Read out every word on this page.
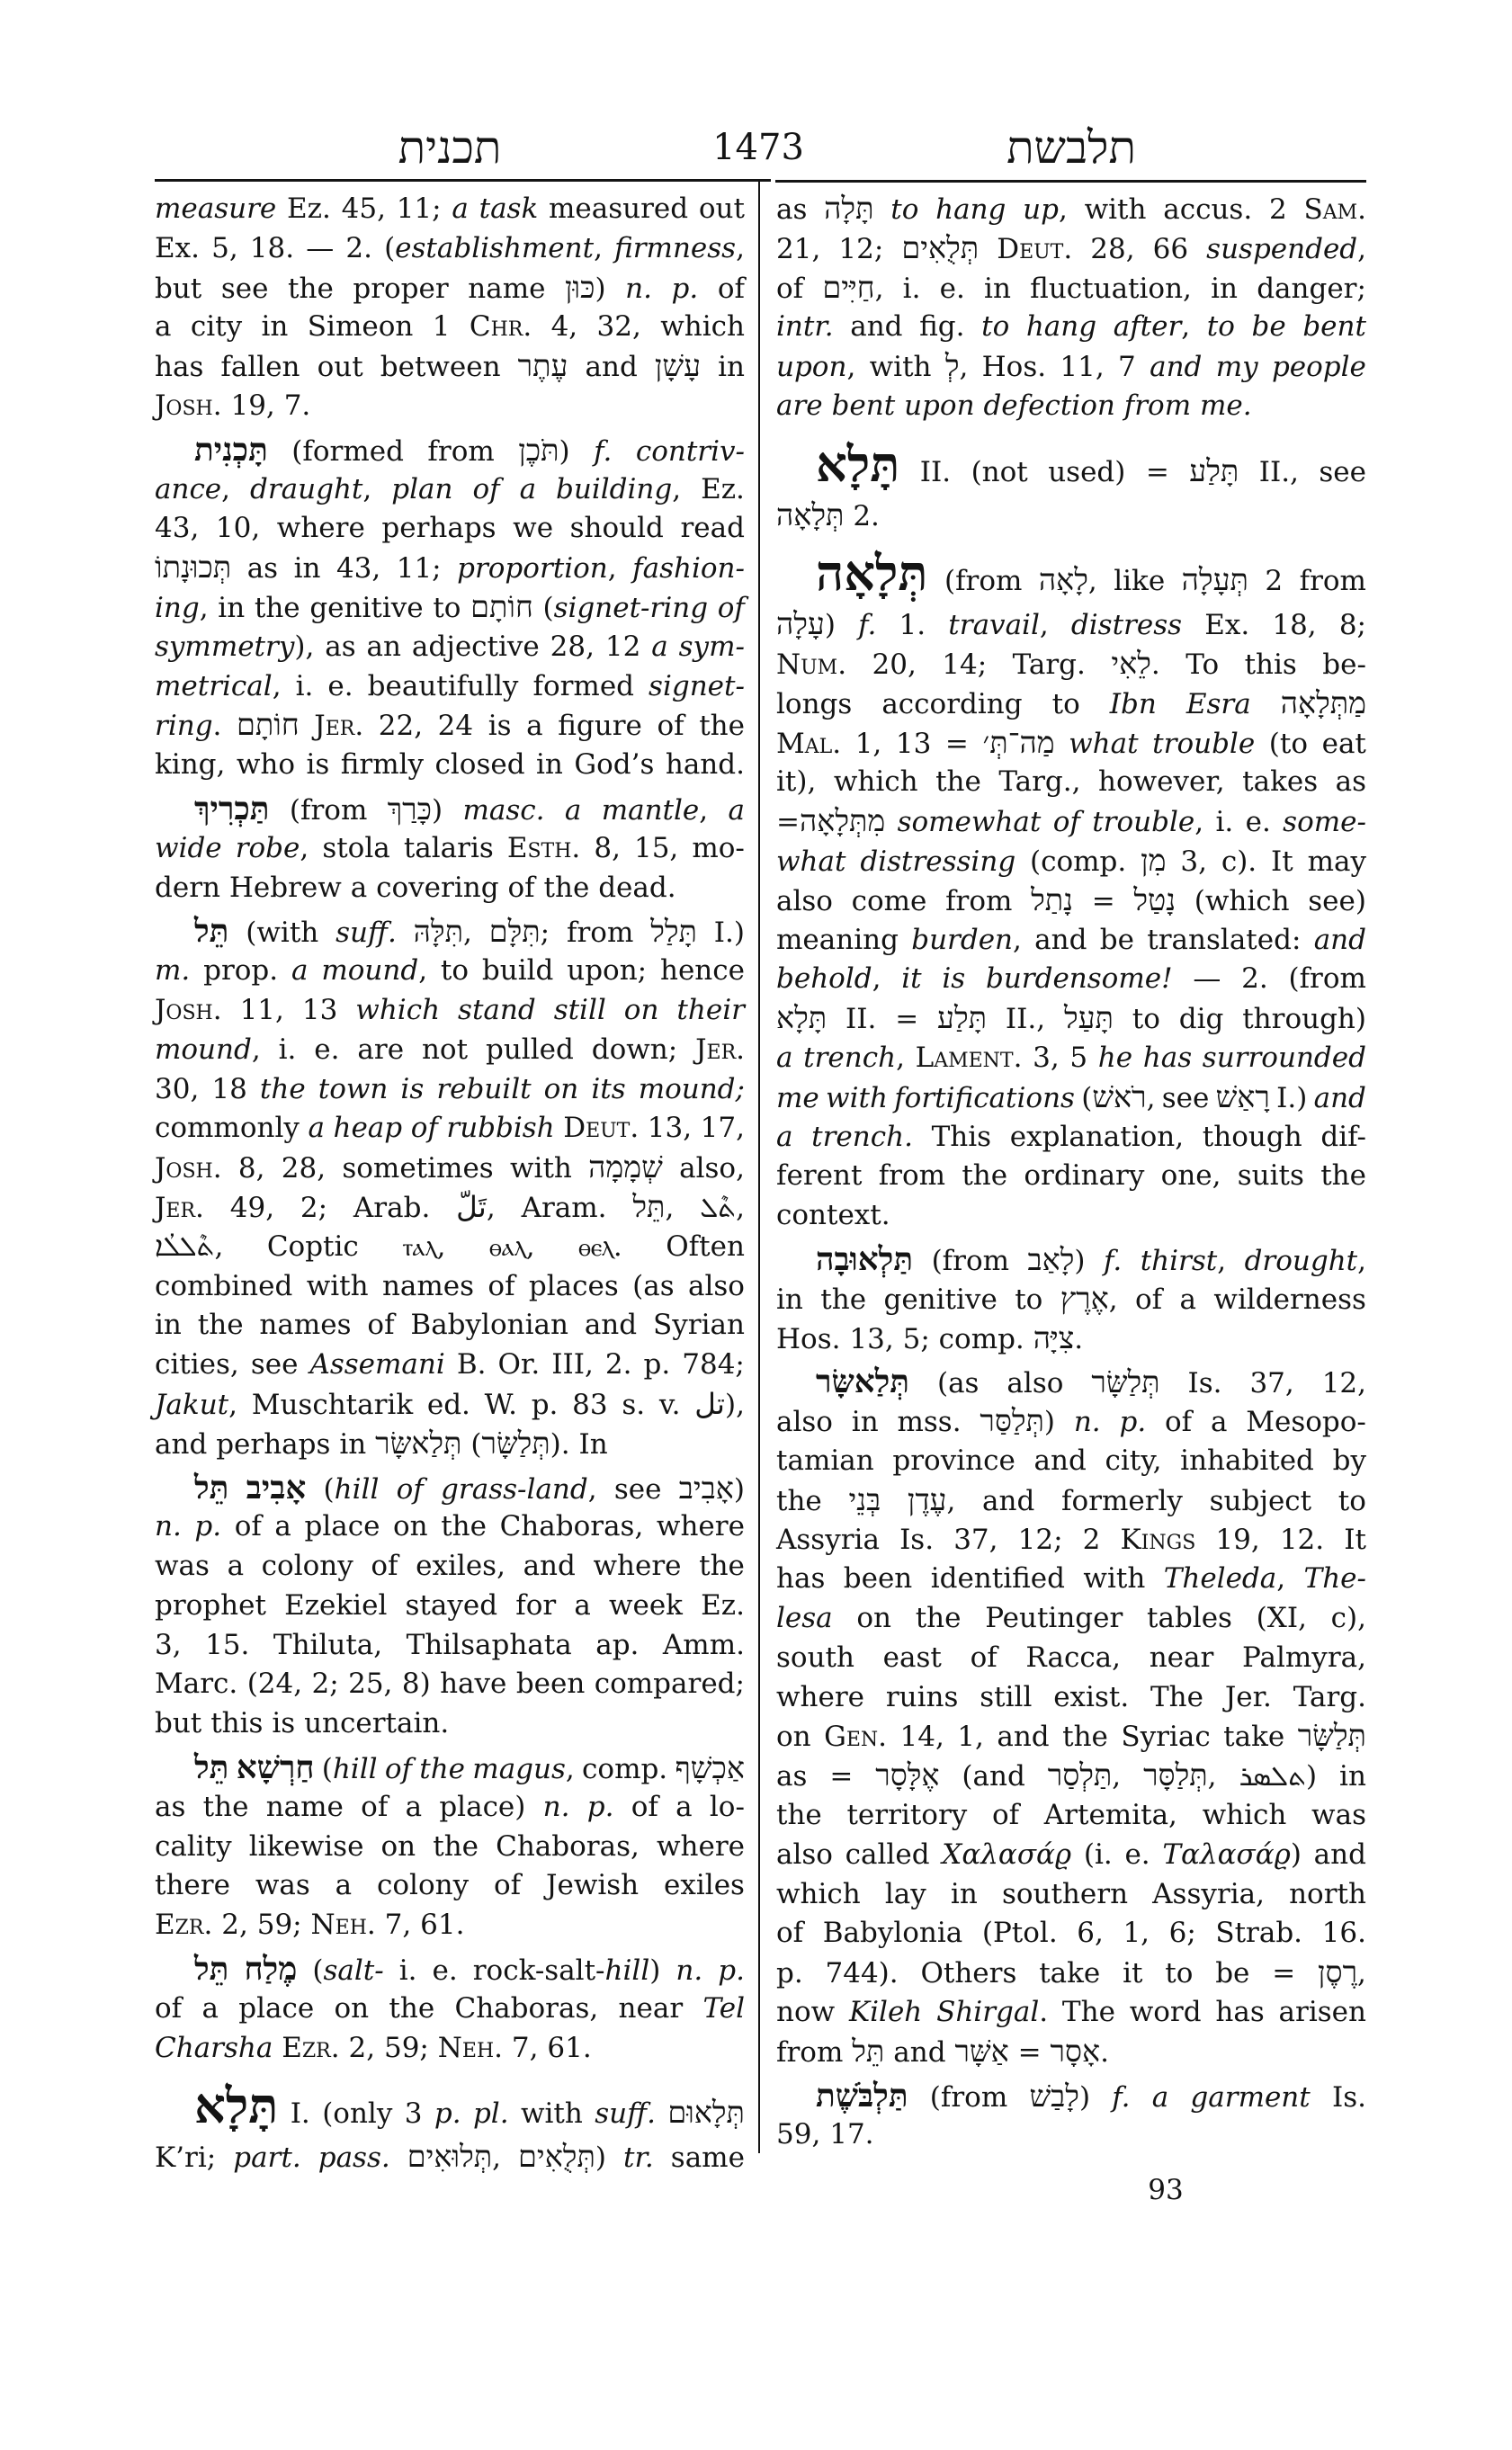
תכנית	1473	תלבשת
measure Ez. 45, 11; a task measured out
Ex. 5, 18. — 2. (establishment, firmness,
but see the proper name כּוּן) n. p. of
a city in Simeon 1 Chr. 4, 32, which
has fallen out between עֶתֶר and עָשָׁן in
Josh. 19, 7.
תָּכְנִית (formed from תֹּכֶן) f. contriv-
ance, draught, plan of a building, Ez.
43, 10, where perhaps we should read
תְּכוּנָתוֹ as in 43, 11; proportion, fashion-
ing, in the genitive to חוֹתָם (signet-ring of
symmetry), as an adjective 28, 12 a sym-
metrical, i. e. beautifully formed signet-
ring. חוֹתָם Jer. 22, 24 is a figure of the
king, who is firmly closed in God’s hand.
תַּכְרִיךְ (from כָּרַךְ) masc. a mantle, a
wide robe, stola talaris Esth. 8, 15, mo-
dern Hebrew a covering of the dead.
תֵּל (with suff. תִּלָּהּ, תִּלָּם; from תָּלַל I.)
m. prop. a mound, to build upon; hence
Josh. 11, 13 which stand still on their
mound, i. e. are not pulled down; Jer.
30, 18 the town is rebuilt on its mound;
commonly a heap of rubbish Deut. 13, 17,
Josh. 8, 28, sometimes with שְׁמָמָה also,
Jer. 49, 2; Arab. تَلّ, Aram. תֵּל, ܬܶܠ,
ܬܶܠܠܳܐ, Coptic ⲧⲁⲗ, ⲑⲁⲗ, ⲑⲉⲗ. Often
combined with names of places (as also
in the names of Babylonian and Syrian
cities, see Assemani B. Or. III, 2. p. 784;
Jakut, Muschtarik ed. W. p. 83 s. v. تل),
and perhaps in תְּלַאשָּׂר (תְּלַשָּׂר). In
תֵּל אָבִיב (hill of grass-land, see אָבִיב)
n. p. of a place on the Chaboras, where
was a colony of exiles, and where the
prophet Ezekiel stayed for a week Ez.
3, 15. Thiluta, Thilsaphata ap. Amm.
Marc. (24, 2; 25, 8) have been compared;
but this is uncertain.
תֵּל חַרְשָׁא (hill of the magus, comp. אַכְשָׁף
as the name of a place) n. p. of a lo-
cality likewise on the Chaboras, where
there was a colony of Jewish exiles
Ezr. 2, 59; Neh. 7, 61.
תֵּל מֶלַח (salt- i. e. rock-salt-hill) n. p.
of a place on the Chaboras, near Tel
Charsha Ezr. 2, 59; Neh. 7, 61.
תָּלָא I. (only 3 p. pl. with suff. תְּלָאוּם
K’ri; part. pass. תְּלוּאִים, תְּלֻאִים) tr. same
as תָּלָה to hang up, with accus. 2 Sam.
21, 12; תְּלֻאִים Deut. 28, 66 suspended,
of חַיִּים, i. e. in fluctuation, in danger;
intr. and fig. to hang after, to be bent
upon, with לְ, Hos. 11, 7 and my people
are bent upon defection from me.
תָּלָא II. (not used) = תָּלַע II., see
תְּלָאָה 2.
תְּלָאָה (from לָאָה, like תְּעָלָה 2 from
עָלָה) f. 1. travail, distress Ex. 18, 8;
Num. 20, 14; Targ. לֵאִי. To this be-
longs according to Ibn Esra מַתְּלָאָה
Mal. 1, 13 = מַה־תְּ׳ what trouble (to eat
it), which the Targ., however, takes as
=מִתְּלָאָה somewhat of trouble, i. e. some-
what distressing (comp. מִן 3, c). It may
also come from נָתַל = נָטַל (which see)
meaning burden, and be translated: and
behold, it is burdensome! — 2. (from
תָּלָא II. = תָּלַע II., תָּעַל to dig through)
a trench, Lament. 3, 5 he has surrounded
me with fortifications (רֹאשׁ, see רָאַשׁ I.) and
a trench. This explanation, though dif-
ferent from the ordinary one, suits the
context.
תַּלְאוּבָה (from לָאַב) f. thirst, drought,
in the genitive to אֶרֶץ, of a wilderness
Hos. 13, 5; comp. צִיָּה.
תְּלַאשָּׂר (as also תְּלַשָּׂר Is. 37, 12,
also in mss. תְּלַסַּר) n. p. of a Mesopo-
tamian province and city, inhabited by
the בְּנֵי עֶדֶן, and formerly subject to
Assyria Is. 37, 12; 2 Kings 19, 12. It
has been identified with Theleda, The-
lesa on the Peutinger tables (XI, c),
south east of Racca, near Palmyra,
where ruins still exist. The Jer. Targ.
on Gen. 14, 1, and the Syriac take תְּלַשָּׂר
as = אֶלָּסָר (and תַּלְסַר, תְּלַסָּר, ܬܠܣܪ) in
the territory of Artemita, which was
also called Χαλασάϱ (i. e. Ταλασάϱ) and
which lay in southern Assyria, north
of Babylonia (Ptol. 6, 1, 6; Strab. 16.
p. 744). Others take it to be = רֶסֶן,
now Kileh Shirgal. The word has arisen
from תֵּל and אַשָּׁר = אָסָר.
תַּלְבֹּשֶׁת (from לָבַשׁ) f. a garment Is.
59, 17.
93
